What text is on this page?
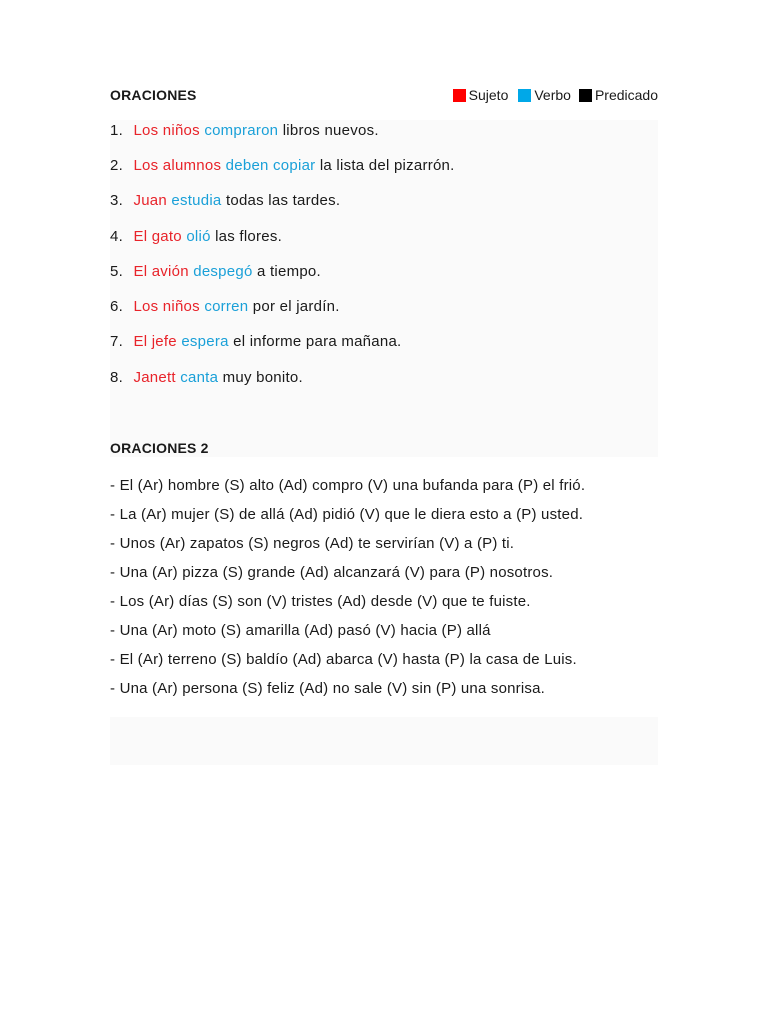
ORACIONES	Sujeto Verbo Predicado
1. Los niños compraron libros nuevos.
2. Los alumnos deben copiar la lista del pizarrón.
3. Juan estudia todas las tardes.
4. El gato olió las flores.
5. El avión despegó a tiempo.
6. Los niños corren por el jardín.
7. El jefe espera el informe para mañana.
8. Janett canta muy bonito.
ORACIONES 2
- El (Ar) hombre (S) alto (Ad) compro (V) una bufanda para (P) el frió.
- La (Ar) mujer (S) de allá (Ad) pidió (V) que le diera esto a (P) usted.
- Unos (Ar) zapatos (S) negros (Ad) te servirían (V) a (P) ti.
- Una (Ar) pizza (S) grande (Ad) alcanzará (V) para (P) nosotros.
- Los (Ar) días (S) son (V) tristes (Ad) desde (V) que te fuiste.
- Una (Ar) moto (S) amarilla (Ad) pasó (V) hacia (P) allá
- El (Ar) terreno (S) baldío (Ad) abarca (V) hasta (P) la casa de Luis.
- Una (Ar) persona (S) feliz (Ad) no sale (V) sin (P) una sonrisa.
